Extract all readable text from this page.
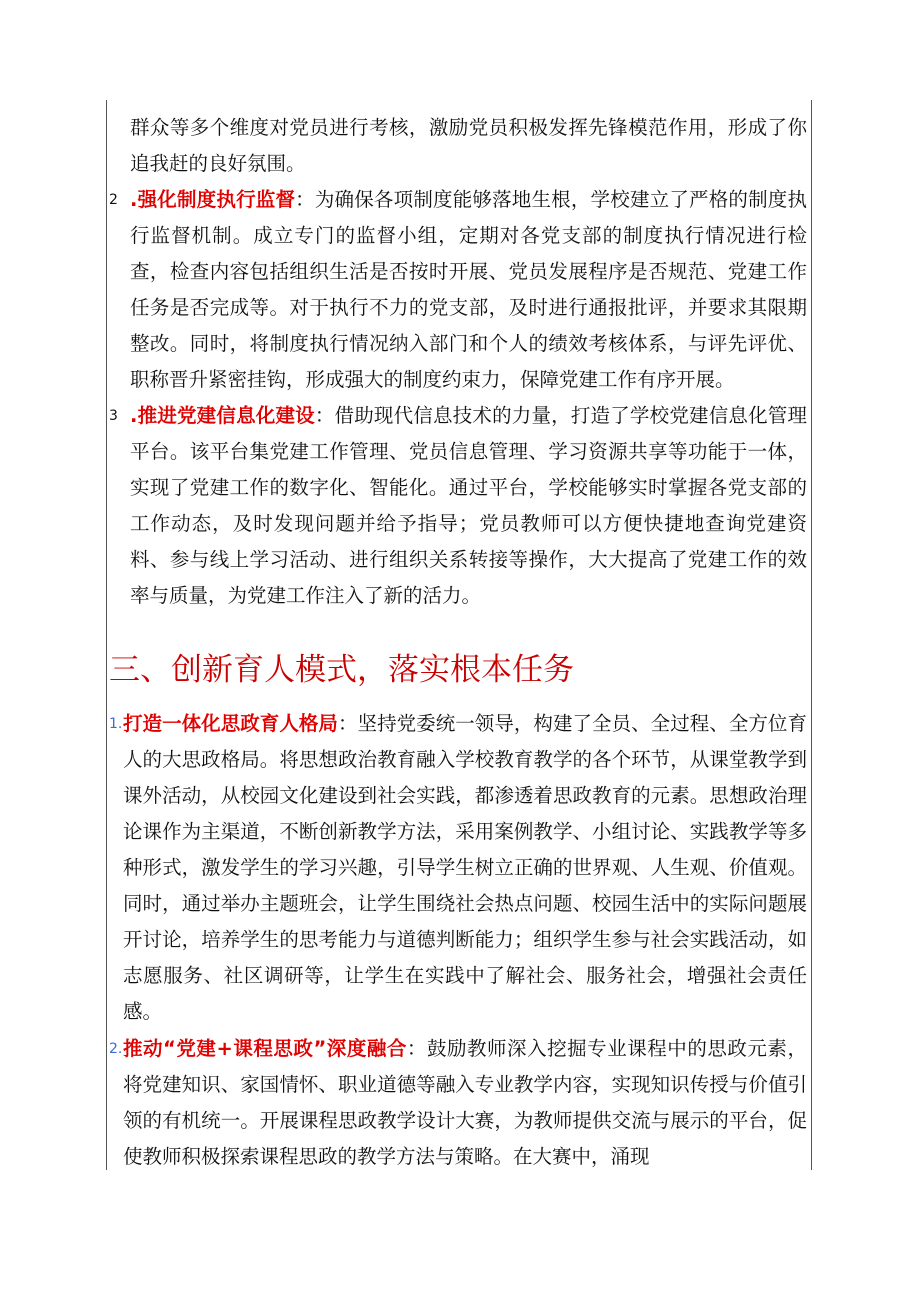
群众等多个维度对党员进行考核，激励党员积极发挥先锋模范作用，形成了你追我赶的良好氛围。

2 .强化制度执行监督：为确保各项制度能够落地生根，学校建立了严格的制度执行监督机制。成立专门的监督小组，定期对各党支部的制度执行情况进行检查，检查内容包括组织生活是否按时开展、党员发展程序是否规范、党建工作任务是否完成等。对于执行不力的党支部，及时进行通报批评，并要求其限期整改。同时，将制度执行情况纳入部门和个人的绩效考核体系，与评先评优、职称晋升紧密挂钩，形成强大的制度约束力，保障党建工作有序开展。

3 .推进党建信息化建设：借助现代信息技术的力量，打造了学校党建信息化管理平台。该平台集党建工作管理、党员信息管理、学习资源共享等功能于一体，实现了党建工作的数字化、智能化。通过平台，学校能够实时掌握各党支部的工作动态，及时发现问题并给予指导；党员教师可以方便快捷地查询党建资料、参与线上学习活动、进行组织关系转接等操作，大大提高了党建工作的效率与质量，为党建工作注入了新的活力。

三、创新育人模式，落实根本任务
1. 打造一体化思政育人格局：坚持党委统一领导，构建了全员、全过程、全方位育人的大思政格局。将思想政治教育融入学校教育教学的各个环节，从课堂教学到课外活动，从校园文化建设到社会实践，都渗透着思政教育的元素。思想政治理论课作为主渠道，不断创新教学方法，采用案例教学、小组讨论、实践教学等多种形式，激发学生的学习兴趣，引导学生树立正确的世界观、人生观、价值观。同时，通过举办主题班会，让学生围绕社会热点问题、校园生活中的实际问题展开讨论，培养学生的思考能力与道德判断能力；组织学生参与社会实践活动，如志愿服务、社区调研等，让学生在实践中了解社会、服务社会，增强社会责任感。

2. 推动“党建+课程思政”深度融合：鼓励教师深入挖掘专业课程中的思政元素，将党建知识、家国情怀、职业道德等融入专业教学内容，实现知识传授与价值引领的有机统一。开展课程思政教学设计大赛，为教师提供交流与展示的平台，促使教师积极探索课程思政的教学方法与策略。在大赛中，涌现
